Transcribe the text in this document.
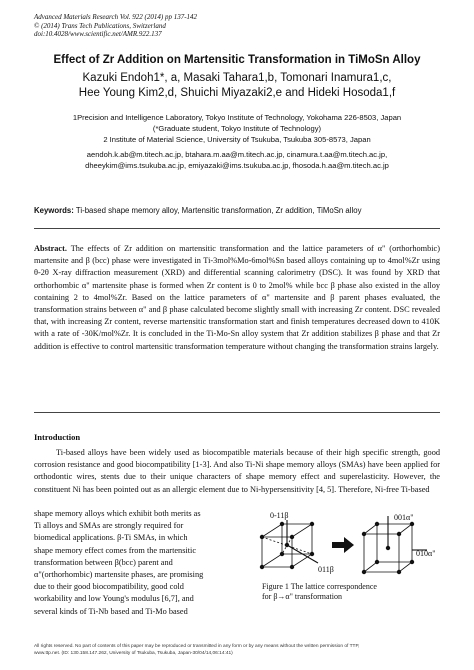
Advanced Materials Research Vol. 922 (2014) pp 137-142
© (2014) Trans Tech Publications, Switzerland
doi:10.4028/www.scientific.net/AMR.922.137
Effect of Zr Addition on Martensitic Transformation in TiMoSn Alloy
Kazuki Endoh1*, a, Masaki Tahara1,b, Tomonari Inamura1,c,
Hee Young Kim2,d, Shuichi Miyazaki2,e and Hideki Hosoda1,f
1Precision and Intelligence Laboratory, Tokyo Institute of Technology, Yokohama 226-8503, Japan
(*Graduate student, Tokyo Institute of Technology)
2 Institute of Material Science, University of Tsukuba, Tsukuba 305-8573, Japan
aendoh.k.ab@m.titech.ac.jp, btahara.m.aa@m.titech.ac.jp, cinamura.t.aa@m.titech.ac.jp,
dheeykim@ims.tsukuba.ac.jp, emiyazaki@ims.tsukuba.ac.jp, fhosoda.h.aa@m.titech.ac.jp
Keywords: Ti-based shape memory alloy, Martensitic transformation, Zr addition, TiMoSn alloy
Abstract. The effects of Zr addition on martensitic transformation and the lattice parameters of α" (orthorhombic) martensite and β (bcc) phase were investigated in Ti-3mol%Mo-6mol%Sn based alloys containing up to 4mol%Zr using θ-2θ X-ray diffraction measurement (XRD) and differential scanning calorimetry (DSC). It was found by XRD that orthorhombic α" martensite phase is formed when Zr content is 0 to 2mol% while bcc β phase also existed in the alloy containing 2 to 4mol%Zr. Based on the lattice parameters of α" martensite and β parent phases evaluated, the transformation strains between α" and β phase calculated become slightly small with increasing Zr content. DSC revealed that, with increasing Zr content, reverse martensitic transformation start and finish temperatures decreased down to 410K with a rate of -30K/mol%Zr. It is concluded in the Ti-Mo-Sn alloy system that Zr addition stabilizes β phase and that Zr addition is effective to control martensitic transformation temperature without changing the transformation strains largely.
Introduction
Ti-based alloys have been widely used as biocompatible materials because of their high specific strength, good corrosion resistance and good biocompatibility [1-3]. And also Ti-Ni shape memory alloys (SMAs) have been applied for orthodontic wires, stents due to their unique characters of shape memory effect and superelasticity. However, the constituent Ni has been pointed out as an allergic element due to Ni-hypersensitivity [4, 5]. Therefore, Ni-free Ti-based
shape memory alloys which exhibit both merits as
Ti alloys and SMAs are strongly required for
biomedical applications. β-Ti SMAs, in which
shape memory effect comes from the martensitic
transformation between β(bcc) parent and
α"(orthorhombic) martensite phases, are promising
due to their good biocompatibility, good cold
workability and low Young's modulus [6,7], and
several kinds of Ti-Nb based and Ti-Mo based
0-11β
011β
001α"
010α"
Figure 1 The lattice correspondence
for β→α" transformation
All rights reserved. No part of contents of this paper may be reproduced or transmitted in any form or by any means without the written permission of TTP,
www.ttp.net. (ID: 130.158.147.262, University of Tsukuba, Tsukuba, Japan-30/04/14,06:14:41)
